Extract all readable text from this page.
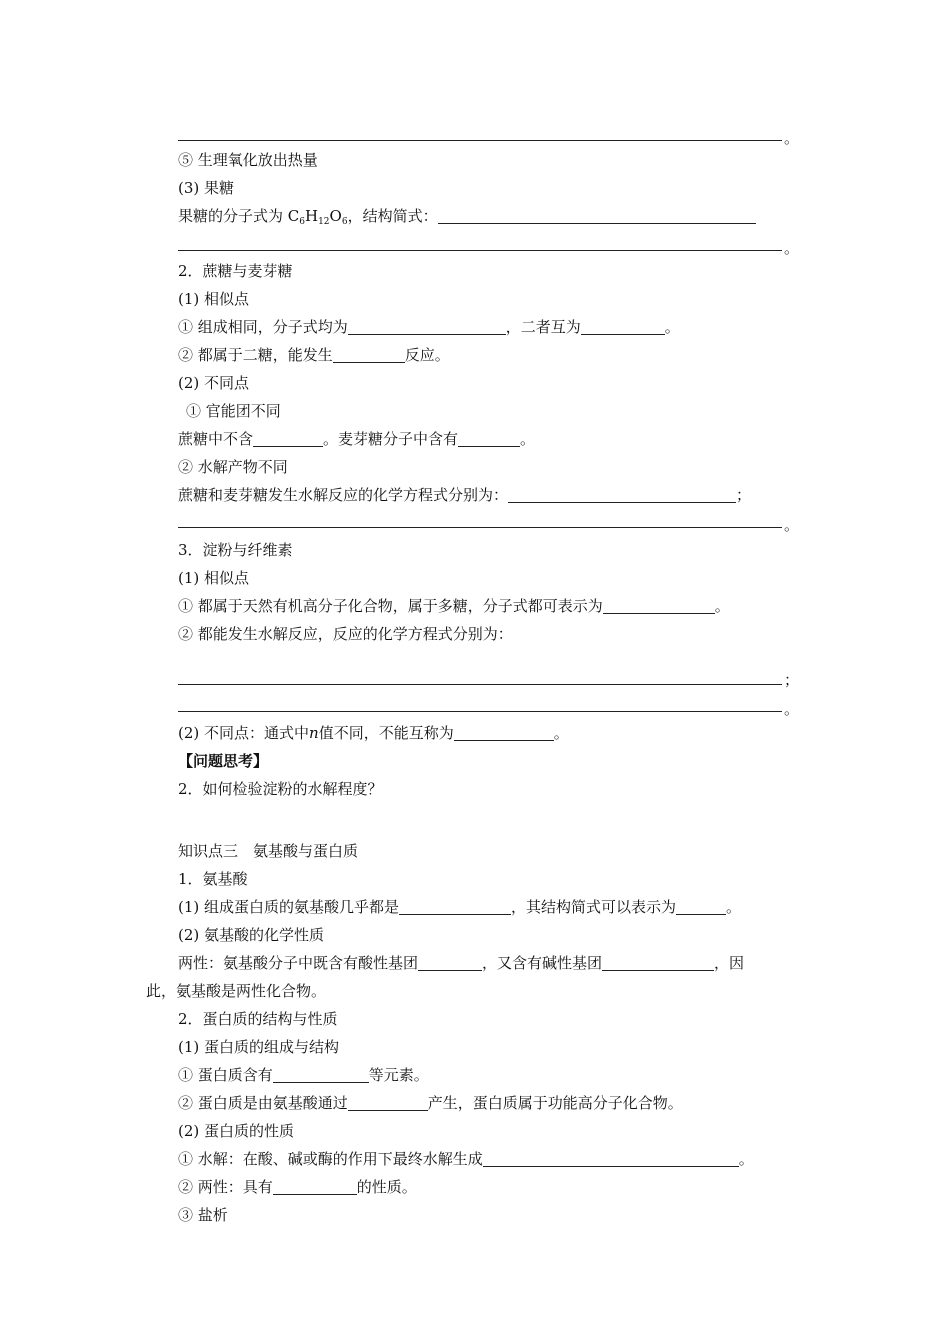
。
⑤ 生理氧化放出热量
(3) 果糖
果糖的分子式为 $C_6H_{12}O_6$，结构简式：
。
2．蔗糖与麦芽糖
(1) 相似点
① 组成相同，分子式均为	，二者互为	。
② 都属于二糖，能发生	反应。
(2) 不同点
① 官能团不同
蔗糖中不含	。麦芽糖分子中含有	。
② 水解产物不同
蔗糖和麦芽糖发生水解反应的化学方程式分别为：	；
。
3．淀粉与纤维素
(1) 相似点
① 都属于天然有机高分子化合物，属于多糖，分子式都可表示为	。
② 都能发生水解反应，反应的化学方程式分别为：
；
。
(2) 不同点：通式中n值不同，不能互称为	。
【问题思考】
2．如何检验淀粉的水解程度？
知识点三　氨基酸与蛋白质
1．氨基酸
(1) 组成蛋白质的氨基酸几乎都是	，其结构简式可以表示为	。
(2) 氨基酸的化学性质
两性：氨基酸分子中既含有酸性基团	，又含有碱性基团	，因
此，氨基酸是两性化合物。
2．蛋白质的结构与性质
(1) 蛋白质的组成与结构
① 蛋白质含有	等元素。
② 蛋白质是由氨基酸通过	产生，蛋白质属于功能高分子化合物。
(2) 蛋白质的性质
① 水解：在酸、碱或酶的作用下最终水解生成	。
② 两性：具有	的性质。
③ 盐析
